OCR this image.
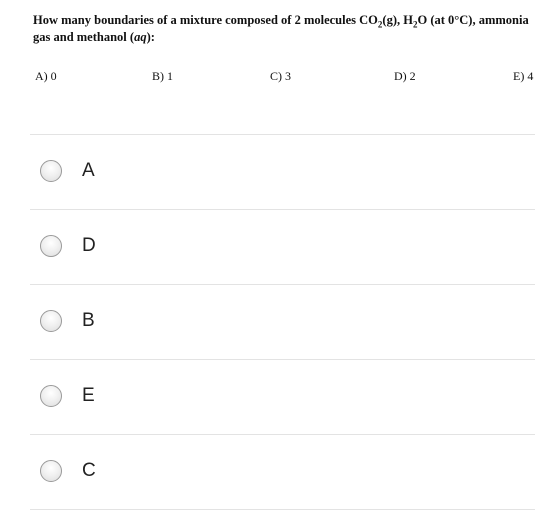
How many boundaries of a mixture composed of 2 molecules $CO_2(g)$, $H_2O$ (at 0°C), ammonia gas and methanol (aq):
A) 0	B) 1	C) 3	D) 2	E) 4
A
D
B
E
C
